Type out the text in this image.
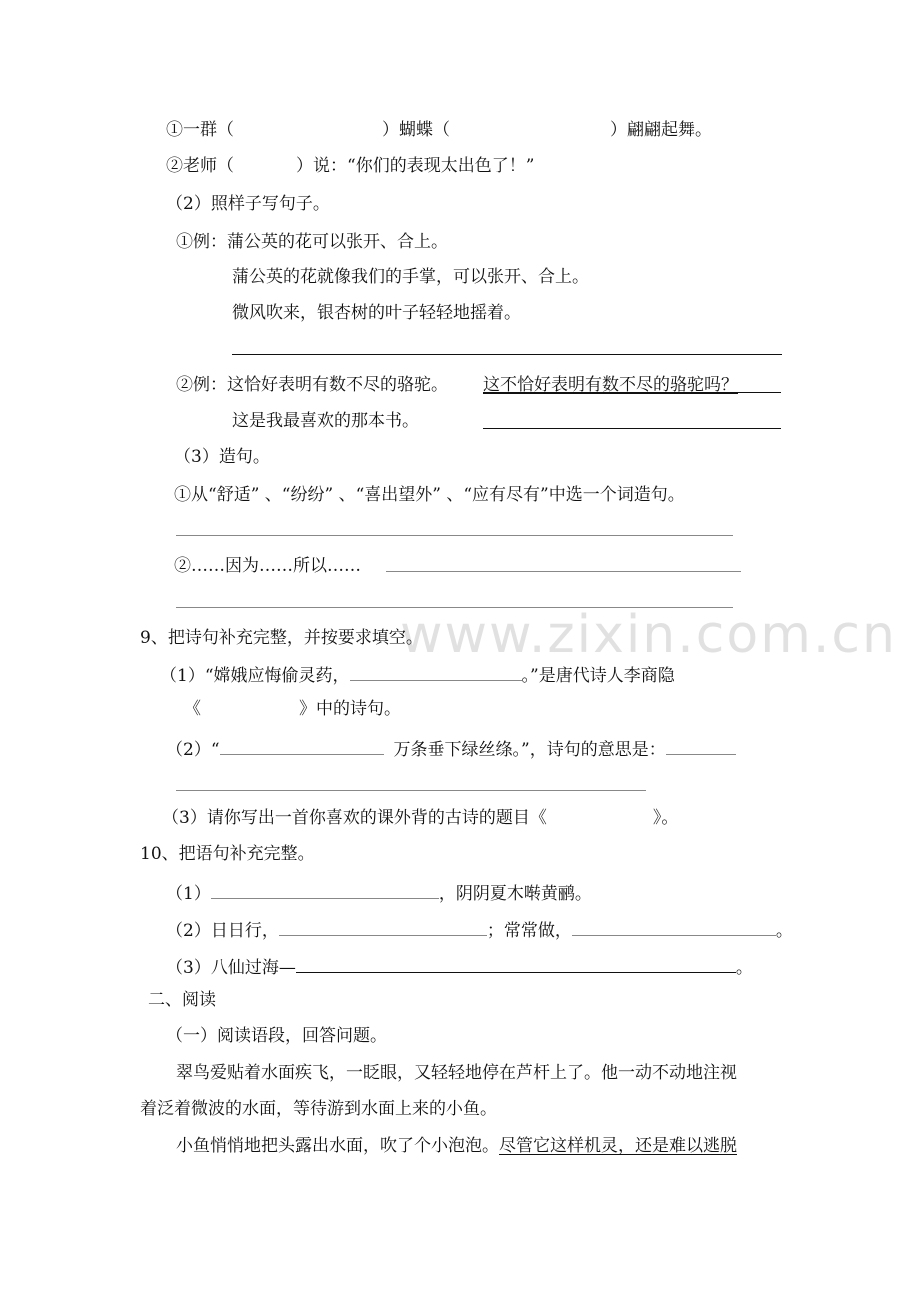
www.zixin.com.cn
①一群（	）蝴蝶（	）翩翩起舞。
②老师（	）说：“你们的表现太出色了！”
（2）照样子写句子。
①例：蒲公英的花可以张开、合上。
蒲公英的花就像我们的手掌，可以张开、合上。
微风吹来，银杏树的叶子轻轻地摇着。
②例：这恰好表明有数不尽的骆驼。 这不恰好表明有数不尽的骆驼吗？
这是我最喜欢的那本书。
（3）造句。
①从“舒适” 、“纷纷” 、“喜出望外” 、“应有尽有”中选一个词造句。
②……因为……所以……
9、把诗句补充完整，并按要求填空。
（1）“嫦娥应悔偷灵药，	。”是唐代诗人李商隐
《	》中的诗句。
（2）“	万条垂下绿丝绦。”，诗句的意思是：
（3）请你写出一首你喜欢的课外背的古诗的题目《	》。
10、把语句补充完整。
（1）	，阴阴夏木啭黄鹂。
（2）日日行，	；常常做，	。
（3）八仙过海—	。
二、阅读
（一）阅读语段，回答问题。
翠鸟爱贴着水面疾飞，一眨眼，又轻轻地停在芦杆上了。他一动不动地注视
着泛着微波的水面，等待游到水面上来的小鱼。
小鱼悄悄地把头露出水面，吹了个小泡泡。尽管它这样机灵，还是难以逃脱
